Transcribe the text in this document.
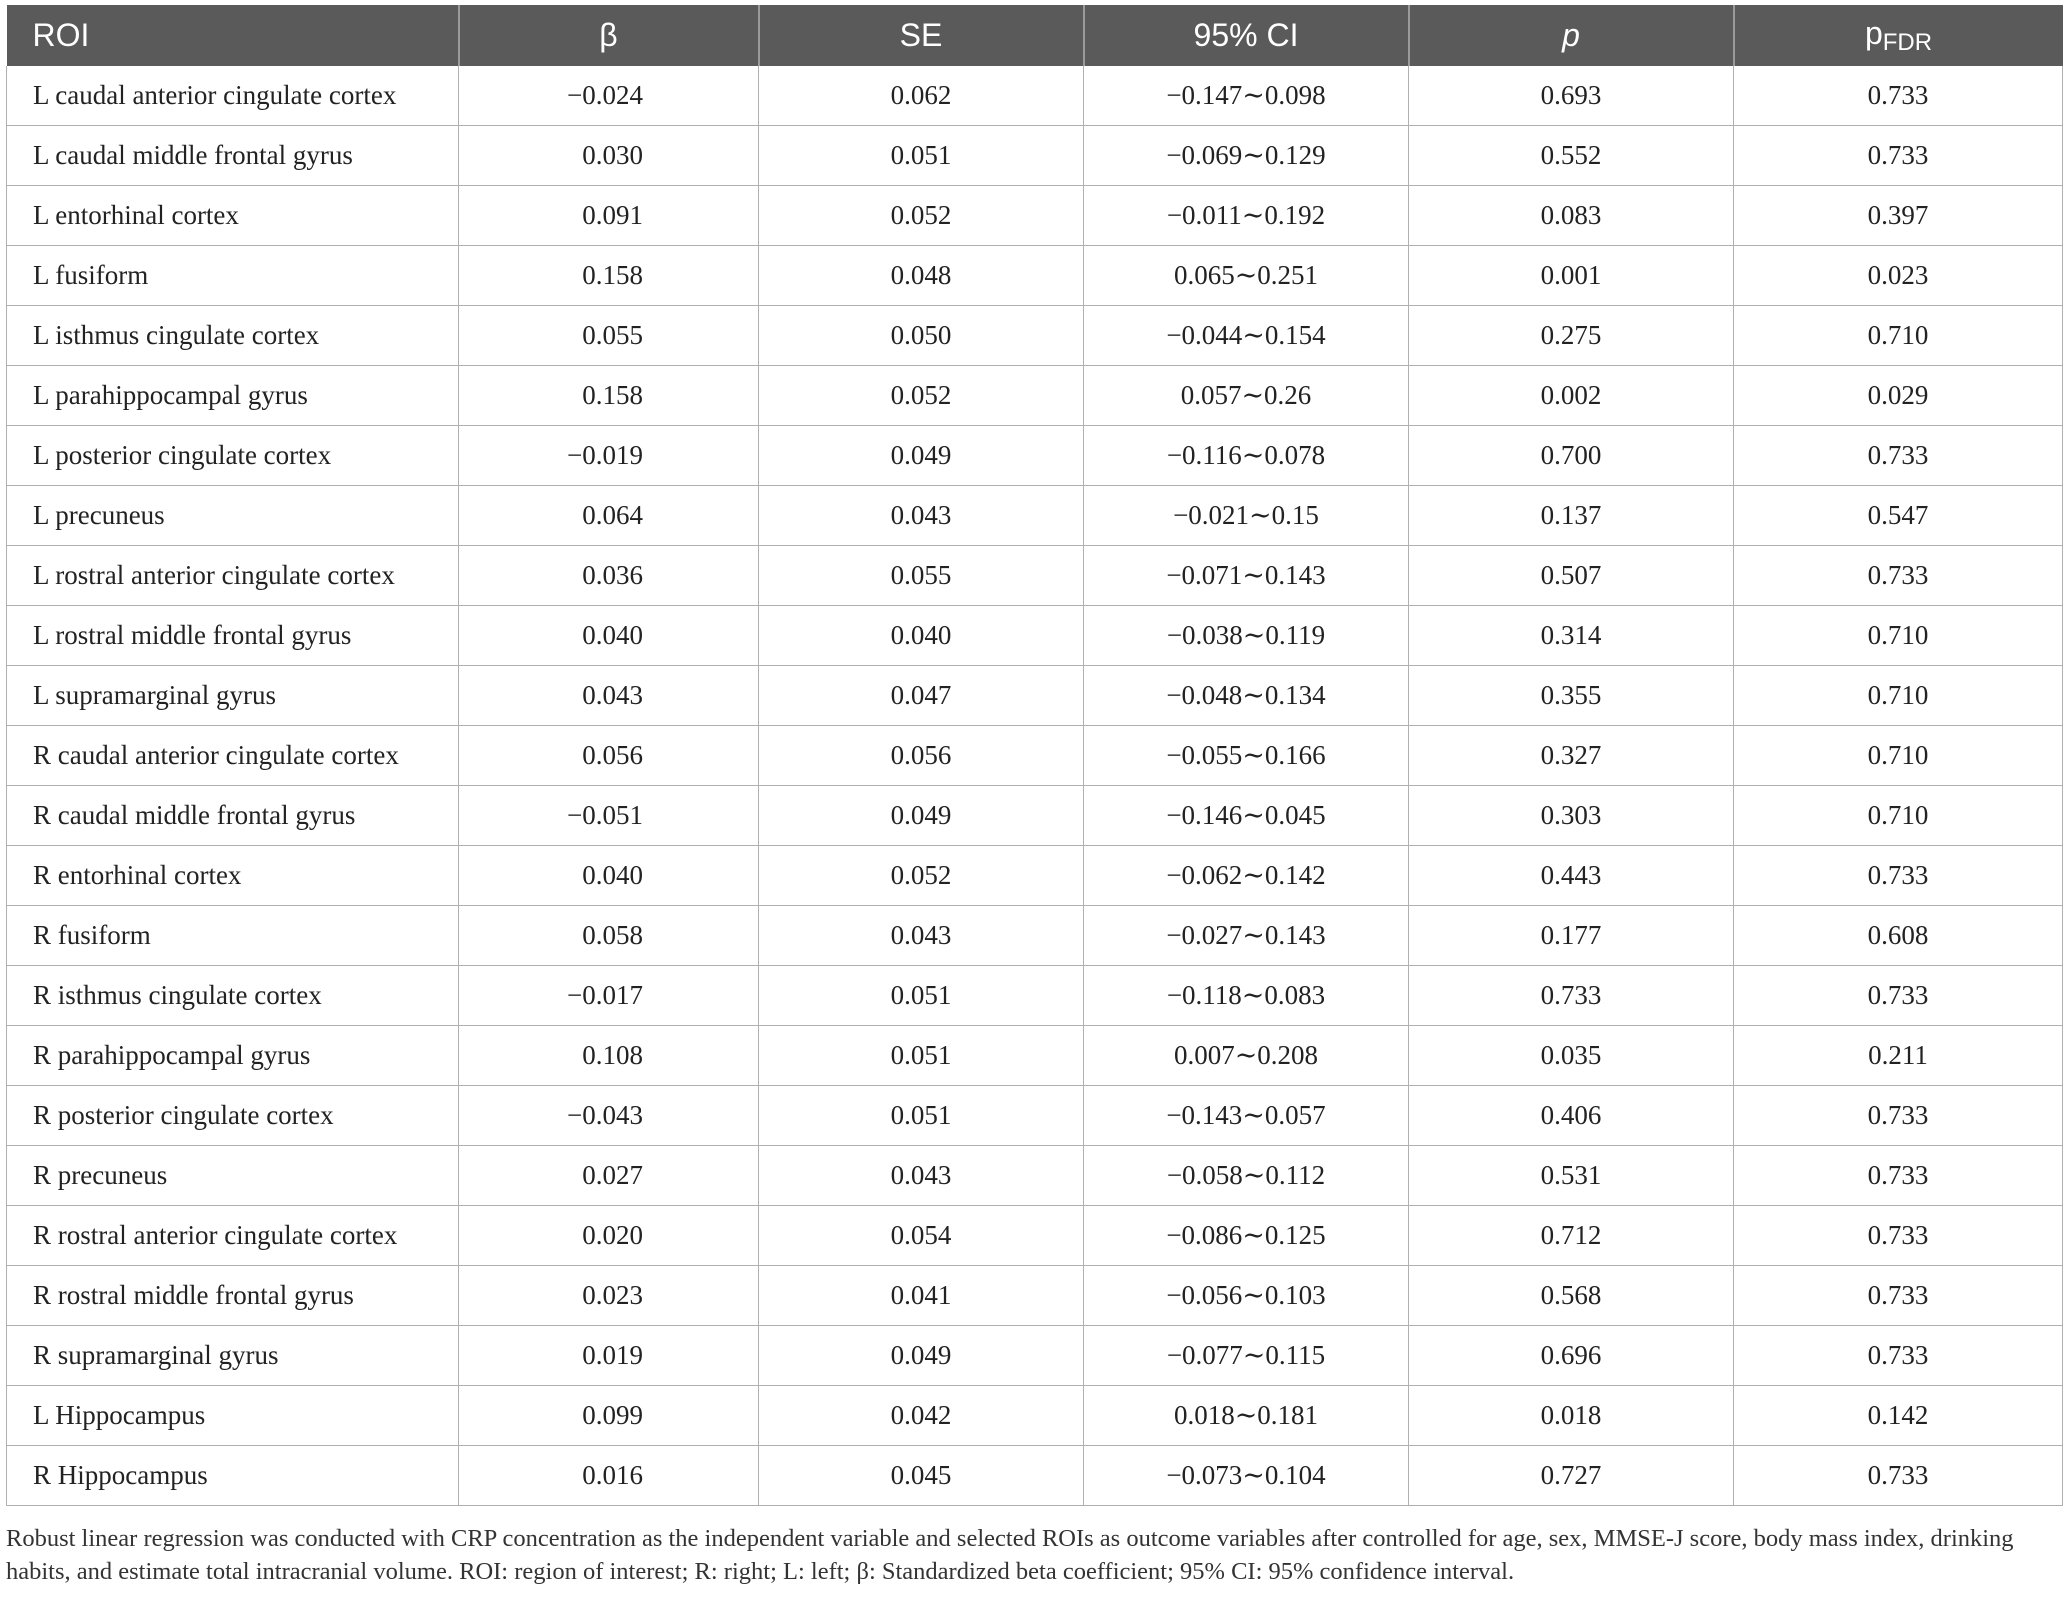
ROI	β	SE	95% CI	p	$p_{FDR}$
L caudal anterior cingulate cortex	−0.024	0.062	−0.147∼0.098	0.693	0.733
L caudal middle frontal gyrus	0.030	0.051	−0.069∼0.129	0.552	0.733
L entorhinal cortex	0.091	0.052	−0.011∼0.192	0.083	0.397
L fusiform	0.158	0.048	0.065∼0.251	0.001	0.023
L isthmus cingulate cortex	0.055	0.050	−0.044∼0.154	0.275	0.710
L parahippocampal gyrus	0.158	0.052	0.057∼0.26	0.002	0.029
L posterior cingulate cortex	−0.019	0.049	−0.116∼0.078	0.700	0.733
L precuneus	0.064	0.043	−0.021∼0.15	0.137	0.547
L rostral anterior cingulate cortex	0.036	0.055	−0.071∼0.143	0.507	0.733
L rostral middle frontal gyrus	0.040	0.040	−0.038∼0.119	0.314	0.710
L supramarginal gyrus	0.043	0.047	−0.048∼0.134	0.355	0.710
R caudal anterior cingulate cortex	0.056	0.056	−0.055∼0.166	0.327	0.710
R caudal middle frontal gyrus	−0.051	0.049	−0.146∼0.045	0.303	0.710
R entorhinal cortex	0.040	0.052	−0.062∼0.142	0.443	0.733
R fusiform	0.058	0.043	−0.027∼0.143	0.177	0.608
R isthmus cingulate cortex	−0.017	0.051	−0.118∼0.083	0.733	0.733
R parahippocampal gyrus	0.108	0.051	0.007∼0.208	0.035	0.211
R posterior cingulate cortex	−0.043	0.051	−0.143∼0.057	0.406	0.733
R precuneus	0.027	0.043	−0.058∼0.112	0.531	0.733
R rostral anterior cingulate cortex	0.020	0.054	−0.086∼0.125	0.712	0.733
R rostral middle frontal gyrus	0.023	0.041	−0.056∼0.103	0.568	0.733
R supramarginal gyrus	0.019	0.049	−0.077∼0.115	0.696	0.733
L Hippocampus	0.099	0.042	0.018∼0.181	0.018	0.142
R Hippocampus	0.016	0.045	−0.073∼0.104	0.727	0.733
Robust linear regression was conducted with CRP concentration as the independent variable and selected ROIs as outcome variables after controlled for age, sex, MMSE-J score, body mass index, drinking habits, and estimate total intracranial volume. ROI: region of interest; R: right; L: left; β: Standardized beta coefficient; 95% CI: 95% confidence interval.
